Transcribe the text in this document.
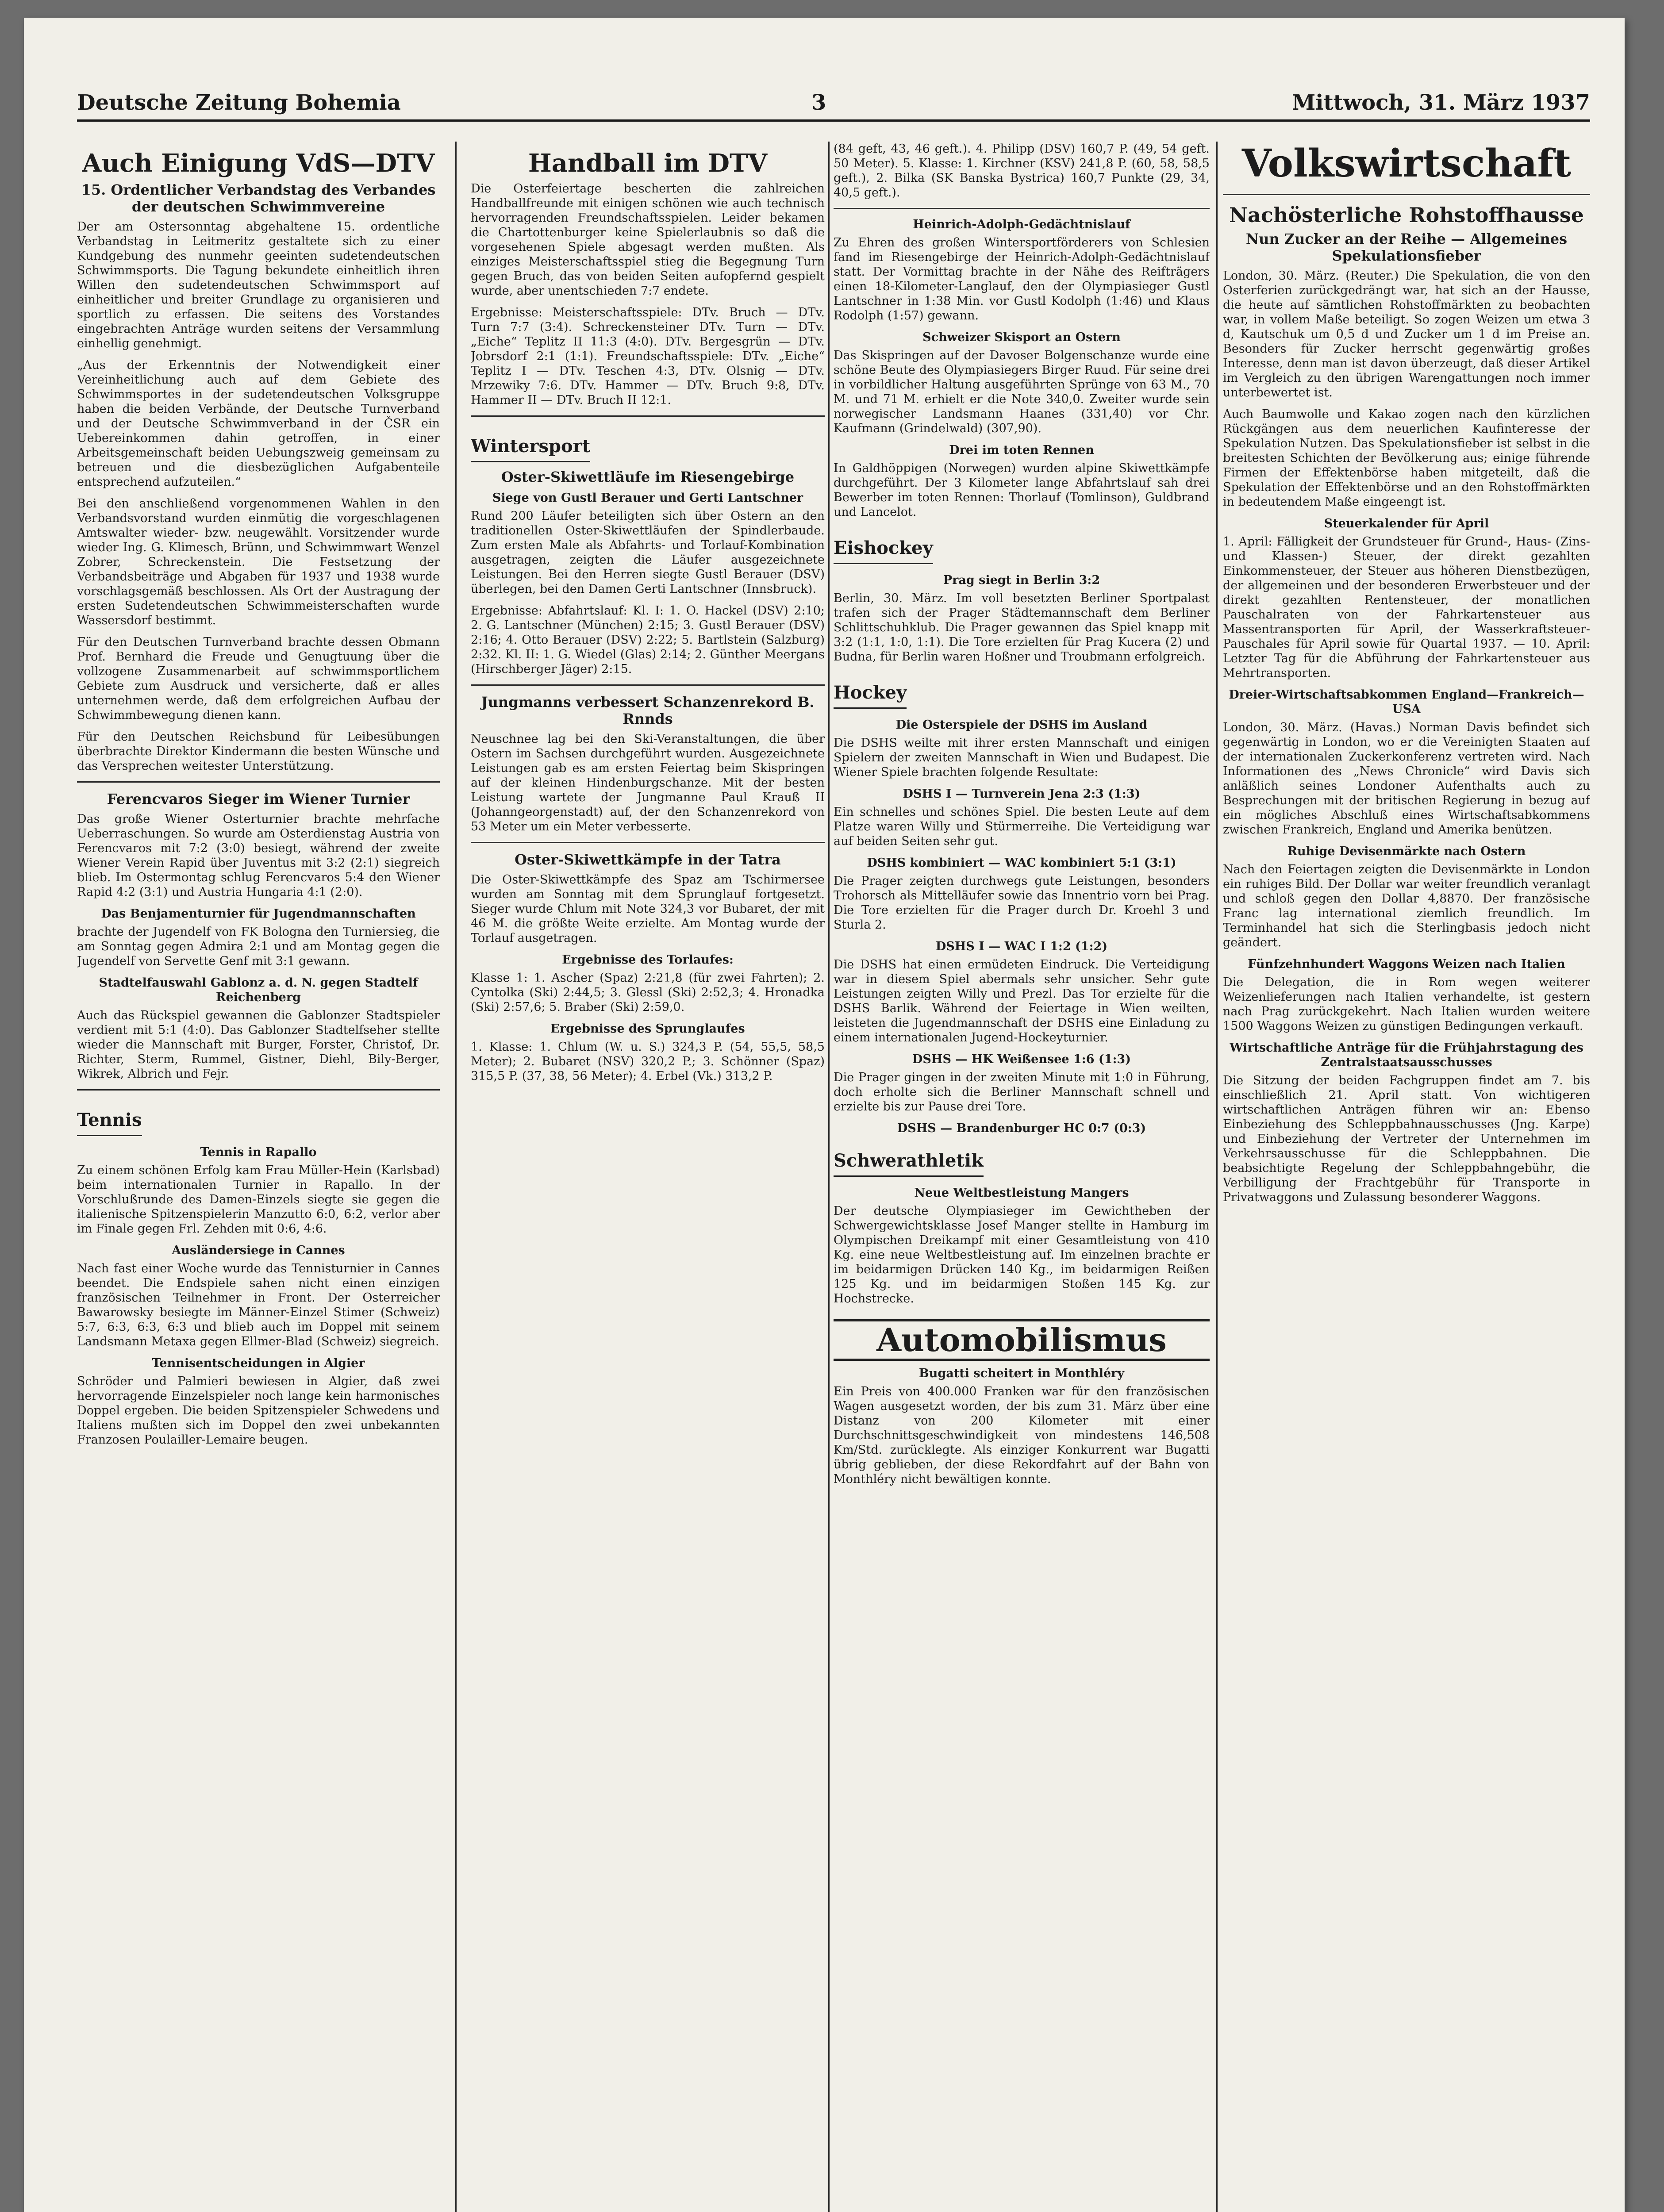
Deutsche Zeitung Bohemia	3	Mittwoch, 31. März 1937
Auch Einigung VdS—DTV
15. Ordentlicher Verbandstag des Verbandes der deutschen Schwimmvereine

Der am Ostersonntag abgehaltene 15. ordentliche Verbandstag in Leitmeritz gestaltete sich zu einer Kundgebung des nunmehr geeinten sudetendeutschen Schwimmsports. Die Tagung bekundete einheitlich ihren Willen den sudetendeutschen Schwimmsport auf einheitlicher und breiter Grundlage zu organisieren und sportlich zu erfassen. Die seitens des Vorstandes eingebrachten Anträge wurden seitens der Versammlung einhellig genehmigt.

„Aus der Erkenntnis der Notwendigkeit einer Vereinheitlichung auch auf dem Gebiete des Schwimmsportes in der sudetendeutschen Volksgruppe haben die beiden Verbände, der Deutsche Turnverband und der Deutsche Schwimmverband in der ČSR ein Uebereinkommen dahin getroffen, in einer Arbeitsgemeinschaft beiden Uebungszweig gemeinsam zu betreuen und die diesbezüglichen Aufgabenteile entsprechend aufzuteilen.“

Bei den anschließend vorgenommenen Wahlen in den Verbandsvorstand wurden einmütig die vorgeschlagenen Amtswalter wieder- bzw. neugewählt. Vorsitzender wurde wieder Ing. G. Klimesch, Brünn, und Schwimmwart Wenzel Zobrer, Schreckenstein. Die Festsetzung der Verbandsbeiträge und Abgaben für 1937 und 1938 wurde vorschlagsgemäß beschlossen. Als Ort der Austragung der ersten Sudetendeutschen Schwimmeisterschaften wurde Wassersdorf bestimmt.

Für den Deutschen Turnverband brachte dessen Obmann Prof. Bernhard die Freude und Genugtuung über die vollzogene Zusammenarbeit auf schwimmsportlichem Gebiete zum Ausdruck und versicherte, daß er alles unternehmen werde, daß dem erfolgreichen Aufbau der Schwimmbewegung dienen kann.

Für den Deutschen Reichsbund für Leibesübungen überbrachte Direktor Kindermann die besten Wünsche und das Versprechen weitester Unterstützung.

Ferencvaros Sieger im Wiener Turnier

Das große Wiener Osterturnier brachte mehrfache Ueberraschungen. So wurde am Osterdienstag Austria von Ferencvaros mit 7:2 (3:0) besiegt, während der zweite Wiener Verein Rapid über Juventus mit 3:2 (2:1) siegreich blieb. Im Ostermontag schlug Ferencvaros 5:4 den Wiener Rapid 4:2 (3:1) und Austria Hungaria 4:1 (2:0).

Das Benjamenturnier für Jugendmannschaften

brachte der Jugendelf von FK Bologna den Turniersieg, die am Sonntag gegen Admira 2:1 und am Montag gegen die Jugendelf von Servette Genf mit 3:1 gewann.

Stadtelfauswahl Gablonz a. d. N. gegen Stadtelf Reichenberg

Auch das Rückspiel gewannen die Gablonzer Stadtspieler verdient mit 5:1 (4:0). Das Gablonzer Stadtelfseher stellte wieder die Mannschaft mit Burger, Forster, Christof, Dr. Richter, Sterm, Rummel, Gistner, Diehl, Bily-Berger, Wikrek, Albrich und Fejr.

Tennis
Tennis in Rapallo

Zu einem schönen Erfolg kam Frau Müller-Hein (Karlsbad) beim internationalen Turnier in Rapallo. In der Vorschlußrunde des Damen-Einzels siegte sie gegen die italienische Spitzenspielerin Manzutto 6:0, 6:2, verlor aber im Finale gegen Frl. Zehden mit 0:6, 4:6.

Ausländersiege in Cannes

Nach fast einer Woche wurde das Tennisturnier in Cannes beendet. Die Endspiele sahen nicht einen einzigen französischen Teilnehmer in Front. Der Osterreicher Bawarowsky besiegte im Männer-Einzel Stimer (Schweiz) 5:7, 6:3, 6:3, 6:3 und blieb auch im Doppel mit seinem Landsmann Metaxa gegen Ellmer-Blad (Schweiz) siegreich.

Tennisentscheidungen in Algier

Schröder und Palmieri bewiesen in Algier, daß zwei hervorragende Einzelspieler noch lange kein harmonisches Doppel ergeben. Die beiden Spitzenspieler Schwedens und Italiens mußten sich im Doppel den zwei unbekannten Franzosen Poulailler-Lemaire beugen.

Handball im DTV

Die Osterfeiertage bescherten die zahlreichen Handballfreunde mit einigen schönen wie auch technisch hervorragenden Freundschaftsspielen. Leider bekamen die Chartottenburger keine Spielerlaubnis so daß die vorgesehenen Spiele abgesagt werden mußten. Als einziges Meisterschaftsspiel stieg die Begegnung Turn gegen Bruch, das von beiden Seiten aufopfernd gespielt wurde, aber unentschieden 7:7 endete.

Ergebnisse: Meisterschaftsspiele: DTv. Bruch — DTv. Turn 7:7 (3:4). Schreckensteiner DTv. Turn — DTv. „Eiche“ Teplitz II 11:3 (4:0). DTv. Bergesgrün — DTv. Jobrsdorf 2:1 (1:1). Freundschaftsspiele: DTv. „Eiche“ Teplitz I — DTv. Teschen 4:3, DTv. Olsnig — DTv. Mrzewiky 7:6. DTv. Hammer — DTv. Bruch 9:8, DTv. Hammer II — DTv. Bruch II 12:1.

Wintersport
Oster-Skiwettläufe im Riesengebirge
Siege von Gustl Berauer und Gerti Lantschner

Rund 200 Läufer beteiligten sich über Ostern an den traditionellen Oster-Skiwettläufen der Spindlerbaude. Zum ersten Male als Abfahrts- und Torlauf-Kombination ausgetragen, zeigten die Läufer ausgezeichnete Leistungen. Bei den Herren siegte Gustl Berauer (DSV) überlegen, bei den Damen Gerti Lantschner (Innsbruck).

Ergebnisse: Abfahrtslauf: Kl. I: 1. O. Hackel (DSV) 2:10; 2. G. Lantschner (München) 2:15; 3. Gustl Berauer (DSV) 2:16; 4. Otto Berauer (DSV) 2:22; 5. Bartlstein (Salzburg) 2:32. Kl. II: 1. G. Wiedel (Glas) 2:14; 2. Günther Meergans (Hirschberger Jäger) 2:15.

Jungmanns verbessert Schanzenrekord B. Rnnds

Neuschnee lag bei den Ski-Veranstaltungen, die über Ostern im Sachsen durchgeführt wurden. Ausgezeichnete Leistungen gab es am ersten Feiertag beim Skispringen auf der kleinen Hindenburgschanze. Mit der besten Leistung wartete der Jungmanne Paul Krauß II (Johanngeorgenstadt) auf, der den Schanzenrekord von 53 Meter um ein Meter verbesserte.

Oster-Skiwettkämpfe in der Tatra

Die Oster-Skiwettkämpfe des Spaz am Tschirmersee wurden am Sonntag mit dem Sprunglauf fortgesetzt. Sieger wurde Chlum mit Note 324,3 vor Bubaret, der mit 46 M. die größte Weite erzielte. Am Montag wurde der Torlauf ausgetragen.

Ergebnisse des Torlaufes:

Klasse 1: 1. Ascher (Spaz) 2:21,8 (für zwei Fahrten); 2. Cyntolka (Ski) 2:44,5; 3. Glessl (Ski) 2:52,3; 4. Hronadka (Ski) 2:57,6; 5. Braber (Ski) 2:59,0.

Ergebnisse des Sprunglaufes

1. Klasse: 1. Chlum (W. u. S.) 324,3 P. (54, 55,5, 58,5 Meter); 2. Bubaret (NSV) 320,2 P.; 3. Schönner (Spaz) 315,5 P. (37, 38, 56 Meter); 4. Erbel (Vk.) 313,2 P.

(84 geft, 43, 46 geft.). 4. Philipp (DSV) 160,7 P. (49, 54 geft. 50 Meter). 5. Klasse: 1. Kirchner (KSV) 241,8 P. (60, 58, 58,5 geft.), 2. Bilka (SK Banska Bystrica) 160,7 Punkte (29, 34, 40,5 geft.).

Heinrich-Adolph-Gedächtnislauf

Zu Ehren des großen Wintersportförderers von Schlesien fand im Riesengebirge der Heinrich-Adolph-Gedächtnislauf statt. Der Vormittag brachte in der Nähe des Reifträgers einen 18-Kilometer-Langlauf, den der Olympiasieger Gustl Lantschner in 1:38 Min. vor Gustl Kodolph (1:46) und Klaus Rodolph (1:57) gewann.

Schweizer Skisport an Ostern

Das Skispringen auf der Davoser Bolgenschanze wurde eine schöne Beute des Olympiasiegers Birger Ruud. Für seine drei in vorbildlicher Haltung ausgeführten Sprünge von 63 M., 70 M. und 71 M. erhielt er die Note 340,0. Zweiter wurde sein norwegischer Landsmann Haanes (331,40) vor Chr. Kaufmann (Grindelwald) (307,90).

Drei im toten Rennen

In Galdhöppigen (Norwegen) wurden alpine Skiwettkämpfe durchgeführt. Der 3 Kilometer lange Abfahrtslauf sah drei Bewerber im toten Rennen: Thorlauf (Tomlinson), Guldbrand und Lancelot.

Eishockey
Prag siegt in Berlin 3:2

Berlin, 30. März. Im voll besetzten Berliner Sportpalast trafen sich der Prager Städtemannschaft dem Berliner Schlittschuhklub. Die Prager gewannen das Spiel knapp mit 3:2 (1:1, 1:0, 1:1). Die Tore erzielten für Prag Kucera (2) und Budna, für Berlin waren Hoßner und Troubmann erfolgreich.

Hockey
Die Osterspiele der DSHS im Ausland

Die DSHS weilte mit ihrer ersten Mannschaft und einigen Spielern der zweiten Mannschaft in Wien und Budapest. Die Wiener Spiele brachten folgende Resultate:

DSHS I — Turnverein Jena 2:3 (1:3)

Ein schnelles und schönes Spiel. Die besten Leute auf dem Platze waren Willy und Stürmerreihe. Die Verteidigung war auf beiden Seiten sehr gut.

DSHS kombiniert — WAC kombiniert 5:1 (3:1)

Die Prager zeigten durchwegs gute Leistungen, besonders Trohorsch als Mittelläufer sowie das Innentrio vorn bei Prag. Die Tore erzielten für die Prager durch Dr. Kroehl 3 und Sturla 2.

DSHS I — WAC I 1:2 (1:2)

Die DSHS hat einen ermüdeten Eindruck. Die Verteidigung war in diesem Spiel abermals sehr unsicher. Sehr gute Leistungen zeigten Willy und Prezl. Das Tor erzielte für die DSHS Barlik. Während der Feiertage in Wien weilten, leisteten die Jugendmannschaft der DSHS eine Einladung zu einem internationalen Jugend-Hockeyturnier.

DSHS — HK Weißensee 1:6 (1:3)

Die Prager gingen in der zweiten Minute mit 1:0 in Führung, doch erholte sich die Berliner Mannschaft schnell und erzielte bis zur Pause drei Tore.

DSHS — Brandenburger HC 0:7 (0:3)
Schwerathletik
Neue Weltbestleistung Mangers

Der deutsche Olympiasieger im Gewichtheben der Schwergewichtsklasse Josef Manger stellte in Hamburg im Olympischen Dreikampf mit einer Gesamtleistung von 410 Kg. eine neue Weltbestleistung auf. Im einzelnen brachte er im beidarmigen Drücken 140 Kg., im beidarmigen Reißen 125 Kg. und im beidarmigen Stoßen 145 Kg. zur Hochstrecke.

Automobilismus
Bugatti scheitert in Monthléry

Ein Preis von 400.000 Franken war für den französischen Wagen ausgesetzt worden, der bis zum 31. März über eine Distanz von 200 Kilometer mit einer Durchschnittsgeschwindigkeit von mindestens 146,508 Km/Std. zurücklegte. Als einziger Konkurrent war Bugatti übrig geblieben, der diese Rekordfahrt auf der Bahn von Monthléry nicht bewältigen konnte.

Volkswirtschaft
Nachösterliche Rohstoffhausse
Nun Zucker an der Reihe — Allgemeines Spekulationsfieber

London, 30. März. (Reuter.) Die Spekulation, die von den Osterferien zurückgedrängt war, hat sich an der Hausse, die heute auf sämtlichen Rohstoffmärkten zu beobachten war, in vollem Maße beteiligt. So zogen Weizen um etwa 3 d, Kautschuk um 0,5 d und Zucker um 1 d im Preise an. Besonders für Zucker herrscht gegenwärtig großes Interesse, denn man ist davon überzeugt, daß dieser Artikel im Vergleich zu den übrigen Warengattungen noch immer unterbewertet ist.

Auch Baumwolle und Kakao zogen nach den kürzlichen Rückgängen aus dem neuerlichen Kaufinteresse der Spekulation Nutzen. Das Spekulationsfieber ist selbst in die breitesten Schichten der Bevölkerung aus; einige führende Firmen der Effektenbörse haben mitgeteilt, daß die Spekulation der Effektenbörse und an den Rohstoffmärkten in bedeutendem Maße eingeengt ist.

Steuerkalender für April

1. April: Fälligkeit der Grundsteuer für Grund-, Haus- (Zins- und Klassen-) Steuer, der direkt gezahlten Einkommensteuer, der Steuer aus höheren Dienstbezügen, der allgemeinen und der besonderen Erwerbsteuer und der direkt gezahlten Rentensteuer, der monatlichen Pauschalraten von der Fahrkartensteuer aus Massentransporten für April, der Wasserkraftsteuer-Pauschales für April sowie für Quartal 1937. — 10. April: Letzter Tag für die Abführung der Fahrkartensteuer aus Mehrtransporten.

Dreier-Wirtschaftsabkommen England—Frankreich—USA

London, 30. März. (Havas.) Norman Davis befindet sich gegenwärtig in London, wo er die Vereinigten Staaten auf der internationalen Zuckerkonferenz vertreten wird. Nach Informationen des „News Chronicle“ wird Davis sich anläßlich seines Londoner Aufenthalts auch zu Besprechungen mit der britischen Regierung in bezug auf ein mögliches Abschluß eines Wirtschaftsabkommens zwischen Frankreich, England und Amerika benützen.

Ruhige Devisenmärkte nach Ostern

Nach den Feiertagen zeigten die Devisenmärkte in London ein ruhiges Bild. Der Dollar war weiter freundlich veranlagt und schloß gegen den Dollar 4,8870. Der französische Franc lag international ziemlich freundlich. Im Terminhandel hat sich die Sterlingbasis jedoch nicht geändert.

Fünfzehnhundert Waggons Weizen nach Italien

Die Delegation, die in Rom wegen weiterer Weizenlieferungen nach Italien verhandelte, ist gestern nach Prag zurückgekehrt. Nach Italien wurden weitere 1500 Waggons Weizen zu günstigen Bedingungen verkauft.

Wirtschaftliche Anträge für die Frühjahrstagung des Zentralstaatsausschusses

Die Sitzung der beiden Fachgruppen findet am 7. bis einschließlich 21. April statt. Von wichtigeren wirtschaftlichen Anträgen führen wir an: Ebenso Einbeziehung des Schleppbahnausschusses (Jng. Karpe) und Einbeziehung der Vertreter der Unternehmen im Verkehrsausschusse für die Schleppbahnen. Die beabsichtigte Regelung der Schleppbahngebühr, die Verbilligung der Frachtgebühr für Transporte in Privatwaggons und Zulassung besonderer Waggons.
